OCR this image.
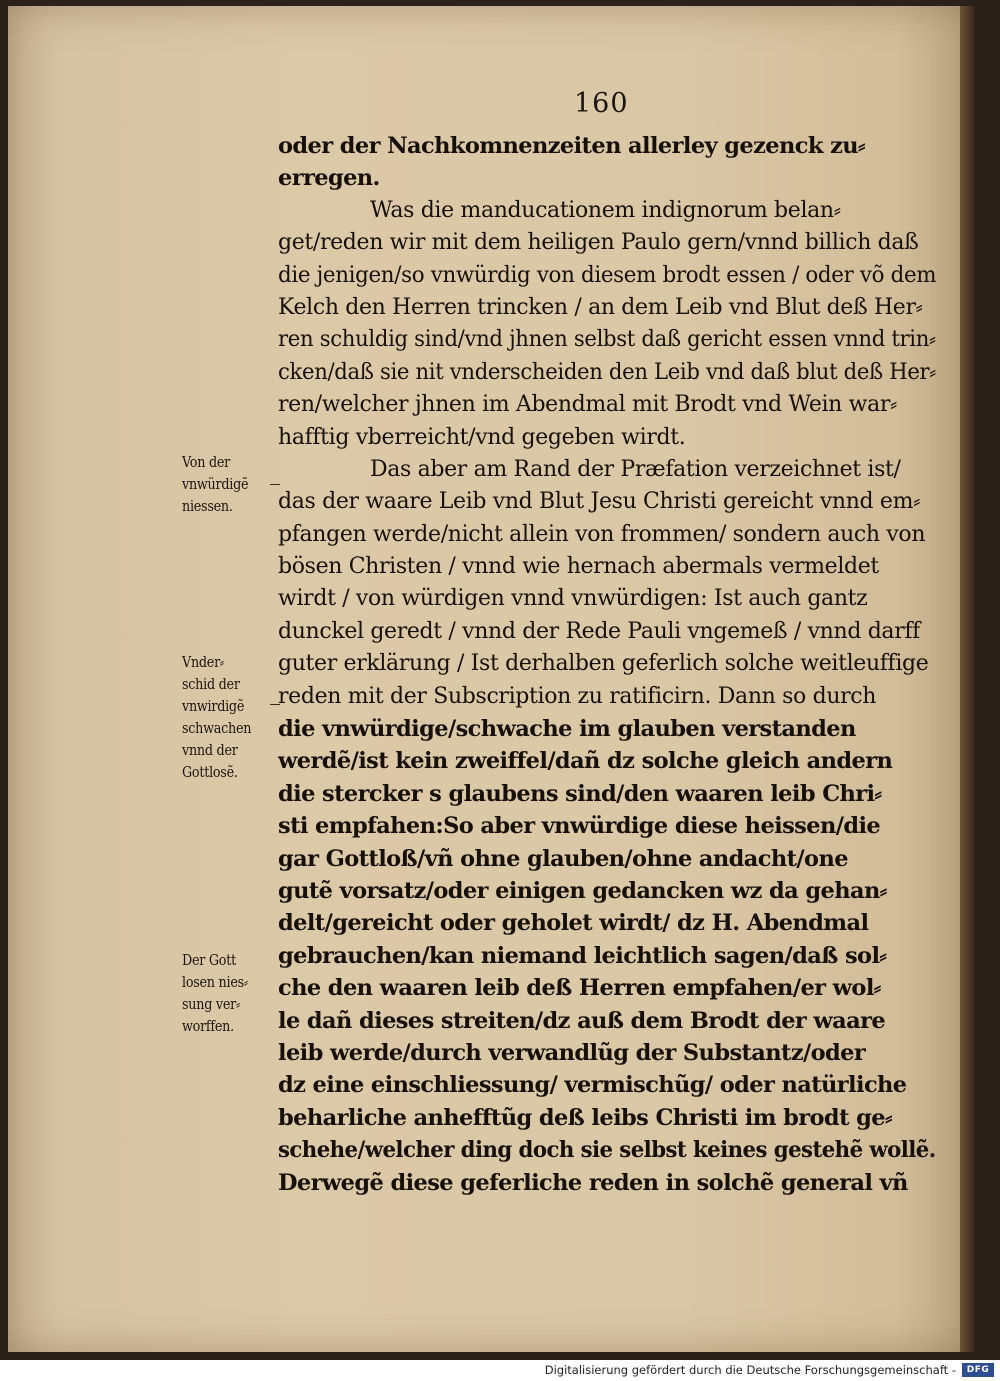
160
oder der Nachkomnenzeiten allerley gezenck zu⸗
erregen.
Was die manducationem indignorum belan⸗
get/reden wir mit dem heiligen Paulo gern/vnnd billich daß
die jenigen/so vnwürdig von diesem brodt essen / oder võ dem
Kelch den Herren trincken / an dem Leib vnd Blut deß Her⸗
ren schuldig sind/vnd jhnen selbst daß gericht essen vnnd trin⸗
cken/daß sie nit vnderscheiden den Leib vnd daß blut deß Her⸗
ren/welcher jhnen im Abendmal mit Brodt vnd Wein war⸗
hafftig vberreicht/vnd gegeben wirdt.
Das aber am Rand der Præfation verzeichnet ist/
das der waare Leib vnd Blut Jesu Christi gereicht vnnd em⸗
pfangen werde/nicht allein von frommen/ sondern auch von
bösen Christen / vnnd wie hernach abermals vermeldet
wirdt / von würdigen vnnd vnwürdigen: Ist auch gantz
dunckel geredt / vnnd der Rede Pauli vngemeß / vnnd darff
guter erklärung / Ist derhalben geferlich solche weitleuffige
reden mit der Subscription zu ratificirn. Dann so durch
die vnwürdige/schwache im glauben verstanden
werdẽ/ist kein zweiffel/dañ dz solche gleich andern
die stercker s glaubens sind/den waaren leib Chri⸗
sti empfahen:So aber vnwürdige diese heissen/die
gar Gottloß/vñ ohne glauben/ohne andacht/one
gutẽ vorsatz/oder einigen gedancken wz da gehan⸗
delt/gereicht oder geholet wirdt/ dz H. Abendmal
gebrauchen/kan niemand leichtlich sagen/daß sol⸗
che den waaren leib deß Herren empfahen/er wol⸗
le dañ dieses streiten/dz auß dem Brodt der waare
leib werde/durch verwandlũg der Substantz/oder
dz eine einschliessung/ vermischũg/ oder natürliche
beharliche anhefftũg deß leibs Christi im brodt ge⸗
schehe/welcher ding doch sie selbst keines gestehẽ wollẽ.
Derwegẽ diese geferliche reden in solchẽ general vñ
Von der
vnwürdigẽ
niessen.
Vnder⸗
schid der
vnwirdigẽ
schwachen
vnnd der
Gottlosẽ.
Der Gott
losen nies⸗
sung ver⸗
worffen.
Digitalisierung gefördert durch die Deutsche Forschungsgemeinschaft -	DFG
